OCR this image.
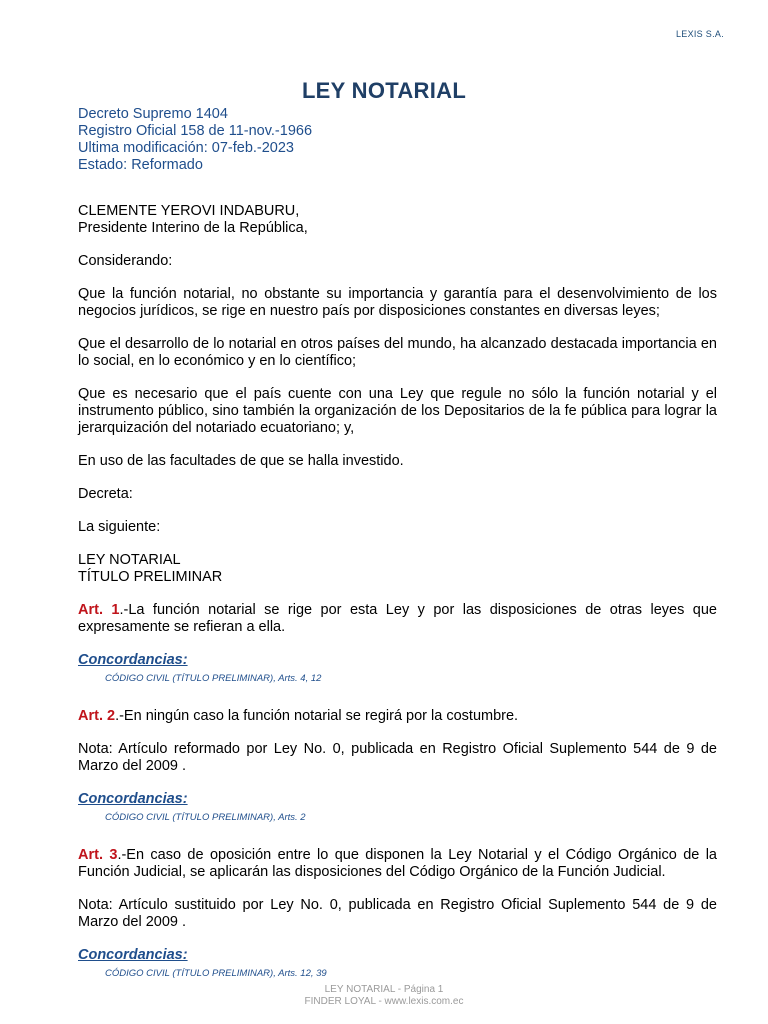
LEXIS S.A.
LEY NOTARIAL
Decreto Supremo 1404
Registro Oficial 158 de 11-nov.-1966
Ultima modificación: 07-feb.-2023
Estado: Reformado

CLEMENTE YEROVI INDABURU,

Presidente Interino de la República,

Considerando:

Que la función notarial, no obstante su importancia y garantía para el desenvolvimiento de los negocios jurídicos, se rige en nuestro país por disposiciones constantes en diversas leyes;

Que el desarrollo de lo notarial en otros países del mundo, ha alcanzado destacada importancia en lo social, en lo económico y en lo científico;

Que es necesario que el país cuente con una Ley que regule no sólo la función notarial y el instrumento público, sino también la organización de los Depositarios de la fe pública para lograr la jerarquización del notariado ecuatoriano; y,

En uso de las facultades de que se halla investido.

Decreta:

La siguiente:

LEY NOTARIAL

TÍTULO PRELIMINAR

Art. 1.-La función notarial se rige por esta Ley y por las disposiciones de otras leyes que expresamente se refieran a ella.

Concordancias:

CÓDIGO CIVIL (TÍTULO PRELIMINAR), Arts. 4, 12

Art. 2.-En ningún caso la función notarial se regirá por la costumbre.

Nota: Artículo reformado por Ley No. 0, publicada en Registro Oficial Suplemento 544 de 9 de Marzo del 2009 .

Concordancias:

CÓDIGO CIVIL (TÍTULO PRELIMINAR), Arts. 2

Art. 3.-En caso de oposición entre lo que disponen la Ley Notarial y el Código Orgánico de la Función Judicial, se aplicarán las disposiciones del Código Orgánico de la Función Judicial.

Nota: Artículo sustituido por Ley No. 0, publicada en Registro Oficial Suplemento 544 de 9 de Marzo del 2009 .

Concordancias:

CÓDIGO CIVIL (TÍTULO PRELIMINAR), Arts. 12, 39
LEY NOTARIAL - Página 1
FINDER LOYAL - www.lexis.com.ec
